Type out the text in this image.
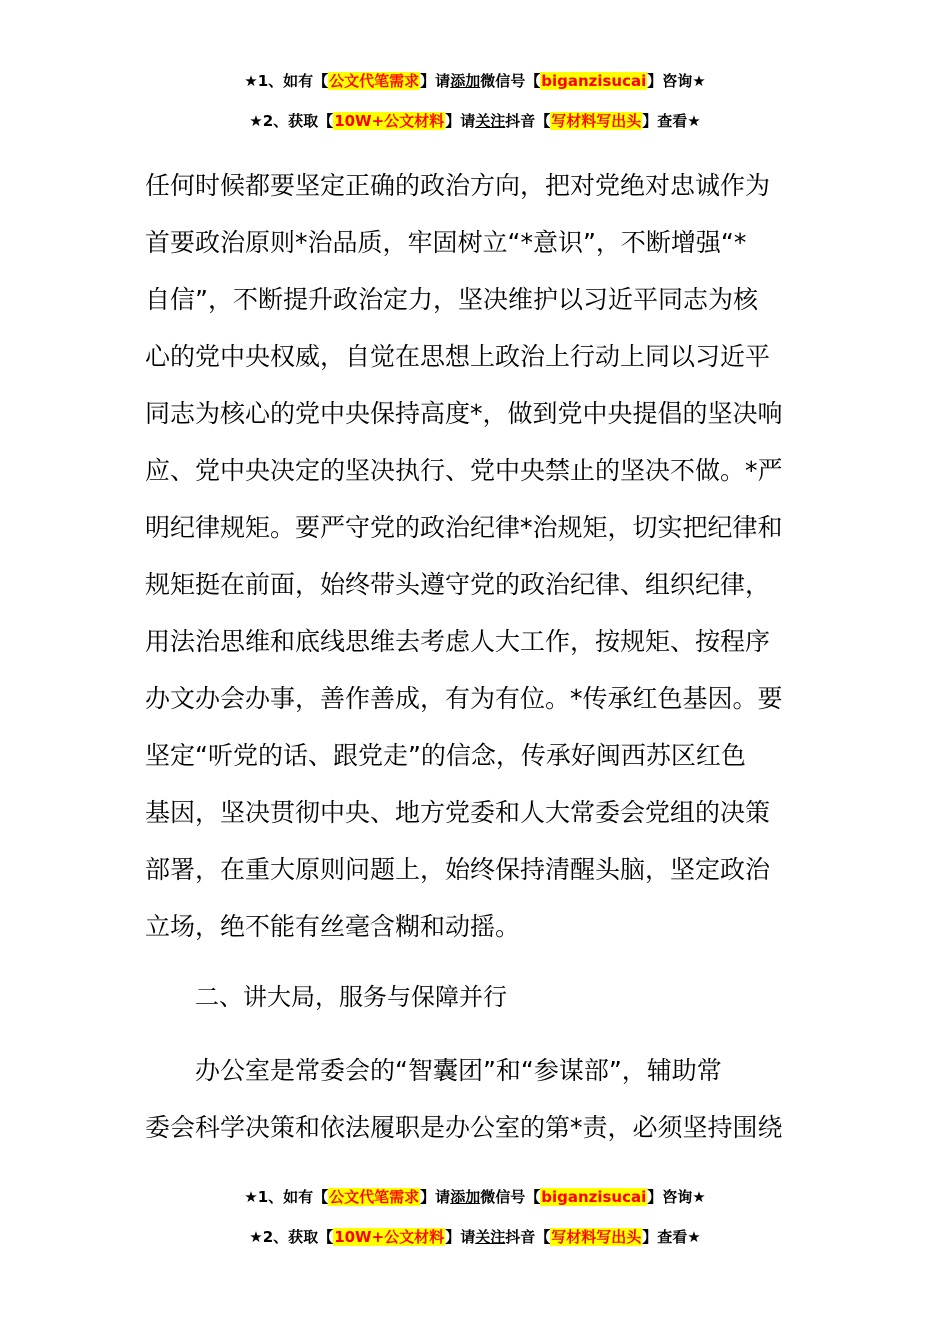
★1、如有【公文代笔需求】请添加微信号【biganzisucai】咨询★
★2、获取【10W+公文材料】请关注抖音【写材料写出头】查看★
任何时候都要坚定正确的政治方向，把对党绝对忠诚作为
首要政治原则*治品质，牢固树立“*意识”，不断增强“*
自信”，不断提升政治定力，坚决维护以习近平同志为核
心的党中央权威，自觉在思想上政治上行动上同以习近平
同志为核心的党中央保持高度*，做到党中央提倡的坚决响
应、党中央决定的坚决执行、党中央禁止的坚决不做。*严
明纪律规矩。要严守党的政治纪律*治规矩，切实把纪律和
规矩挺在前面，始终带头遵守党的政治纪律、组织纪律，
用法治思维和底线思维去考虑人大工作，按规矩、按程序
办文办会办事，善作善成，有为有位。*传承红色基因。要
坚定“听党的话、跟党走”的信念，传承好闽西苏区红色
基因，坚决贯彻中央、地方党委和人大常委会党组的决策
部署，在重大原则问题上，始终保持清醒头脑，坚定政治
立场，绝不能有丝毫含糊和动摇。
二、讲大局，服务与保障并行
办公室是常委会的“智囊团”和“参谋部”，辅助常
委会科学决策和依法履职是办公室的第*责，必须坚持围绕
★1、如有【公文代笔需求】请添加微信号【biganzisucai】咨询★
★2、获取【10W+公文材料】请关注抖音【写材料写出头】查看★
